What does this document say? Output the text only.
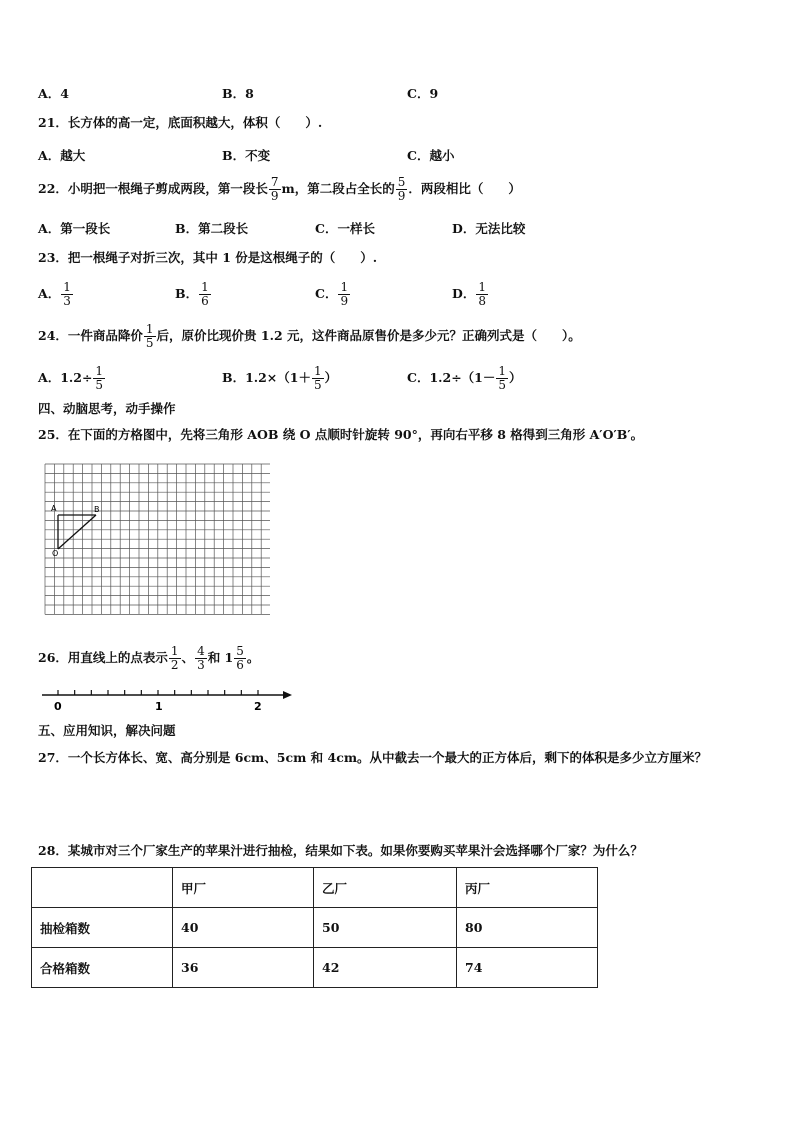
A．4	B．8	C．9
21．长方体的高一定，底面积越大，体积（　　）.
A．越大	B．不变	C．越小
22．小明把一根绳子剪成两段，第一段长 $\frac{7}{9}$ m，第二段占全长的 $\frac{5}{9}$ ．两段相比（　　）
A．第一段长	B．第二段长	C．一样长	D．无法比较
23．把一根绳子对折三次，其中 1 份是这根绳子的（　　）.
A． $\frac{1}{3}$	B． $\frac{1}{6}$	C． $\frac{1}{9}$	D． $\frac{1}{8}$
24．一件商品降价 $\frac{1}{5}$ 后，原价比现价贵 1.2 元，这件商品原售价是多少元？正确列式是（　　）。
A．$1.2\div \frac{1}{5}$	B．$1.2\times(1+ \frac{1}{5}$ ）	C．$1.2\div(1- \frac{1}{5}$ ）
四、动脑思考，动手操作
25．在下面的方格图中，先将三角形 AOB 绕 O 点顺时针旋转 90°，再向右平移 8 格得到三角形 A′O′B′。
A	B
O
26．用直线上的点表示 $\frac{1}{2}$ 、 $\frac{4}{3}$ 和 $1 \frac{5}{6}$ 。
0	1	2
五、应用知识，解决问题
27．一个长方体长、宽、高分别是 6cm、5cm 和 4cm。从中截去一个最大的正方体后，剩下的体积是多少立方厘米？
28．某城市对三个厂家生产的苹果汁进行抽检，结果如下表。如果你要购买苹果汁会选择哪个厂家？为什么？
	甲厂	乙厂	丙厂
抽检箱数	40	50	80
合格箱数	36	42	74
